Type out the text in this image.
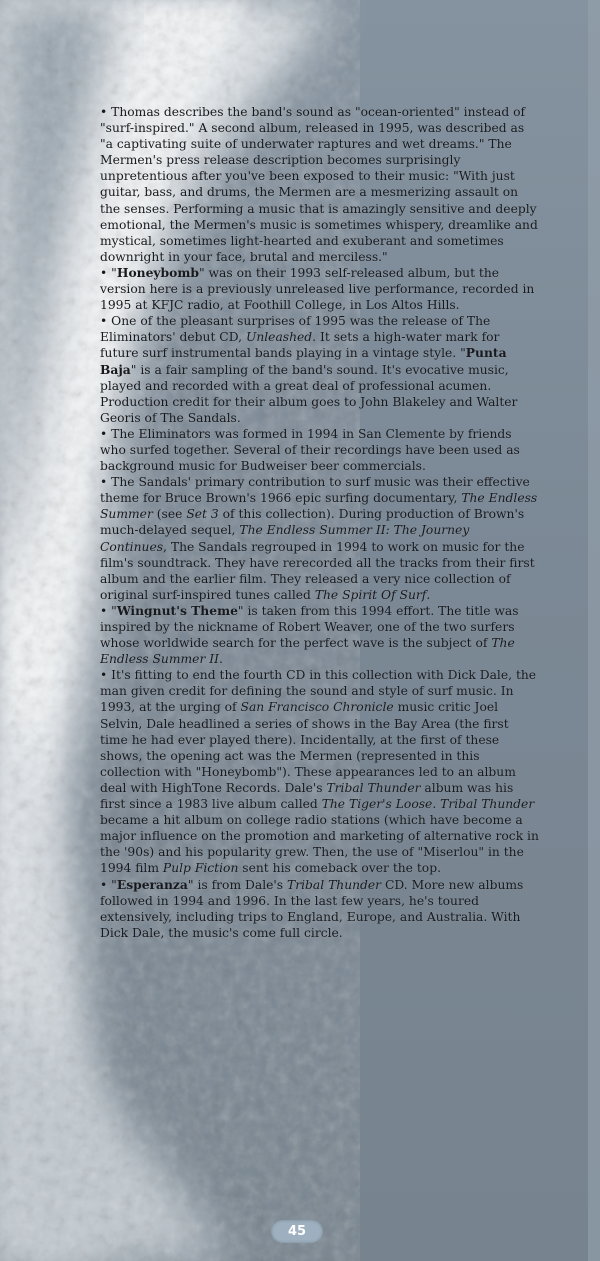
• Thomas describes the band's sound as "ocean-oriented" instead of "surf-inspired." A second album, released in 1995, was described as "a captivating suite of underwater raptures and wet dreams." The Mermen's press release description becomes surprisingly unpretentious after you've been exposed to their music: "With just guitar, bass, and drums, the Mermen are a mesmerizing assault on the senses. Performing a music that is amazingly sensitive and deeply emotional, the Mermen's music is sometimes whispery, dreamlike and mystical, sometimes light-hearted and exuberant and sometimes downright in your face, brutal and merciless."

• "Honeybomb" was on their 1993 self-released album, but the version here is a previously unreleased live performance, recorded in 1995 at KFJC radio, at Foothill College, in Los Altos Hills.

• One of the pleasant surprises of 1995 was the release of The Eliminators' debut CD, Unleashed. It sets a high-water mark for future surf instrumental bands playing in a vintage style. "Punta Baja" is a fair sampling of the band's sound. It's evocative music, played and recorded with a great deal of professional acumen. Production credit for their album goes to John Blakeley and Walter Georis of The Sandals.

• The Eliminators was formed in 1994 in San Clemente by friends who surfed together. Several of their recordings have been used as background music for Budweiser beer commercials.

• The Sandals' primary contribution to surf music was their effective theme for Bruce Brown's 1966 epic surfing documentary, The Endless Summer (see Set 3 of this collection). During production of Brown's much-delayed sequel, The Endless Summer II: The Journey Continues, The Sandals regrouped in 1994 to work on music for the film's soundtrack. They have rerecorded all the tracks from their first album and the earlier film. They released a very nice collection of original surf-inspired tunes called The Spirit Of Surf.

• "Wingnut's Theme" is taken from this 1994 effort. The title was inspired by the nickname of Robert Weaver, one of the two surfers whose worldwide search for the perfect wave is the subject of The Endless Summer II.

• It's fitting to end the fourth CD in this collection with Dick Dale, the man given credit for defining the sound and style of surf music. In 1993, at the urging of San Francisco Chronicle music critic Joel Selvin, Dale headlined a series of shows in the Bay Area (the first time he had ever played there). Incidentally, at the first of these shows, the opening act was the Mermen (represented in this collection with "Honeybomb"). These appearances led to an album deal with HighTone Records. Dale's Tribal Thunder album was his first since a 1983 live album called The Tiger's Loose. Tribal Thunder became a hit album on college radio stations (which have become a major influence on the promotion and marketing of alternative rock in the '90s) and his popularity grew. Then, the use of "Miserlou" in the 1994 film Pulp Fiction sent his comeback over the top.

• "Esperanza" is from Dale's Tribal Thunder CD. More new albums followed in 1994 and 1996. In the last few years, he's toured extensively, including trips to England, Europe, and Australia. With Dick Dale, the music's come full circle.

45
